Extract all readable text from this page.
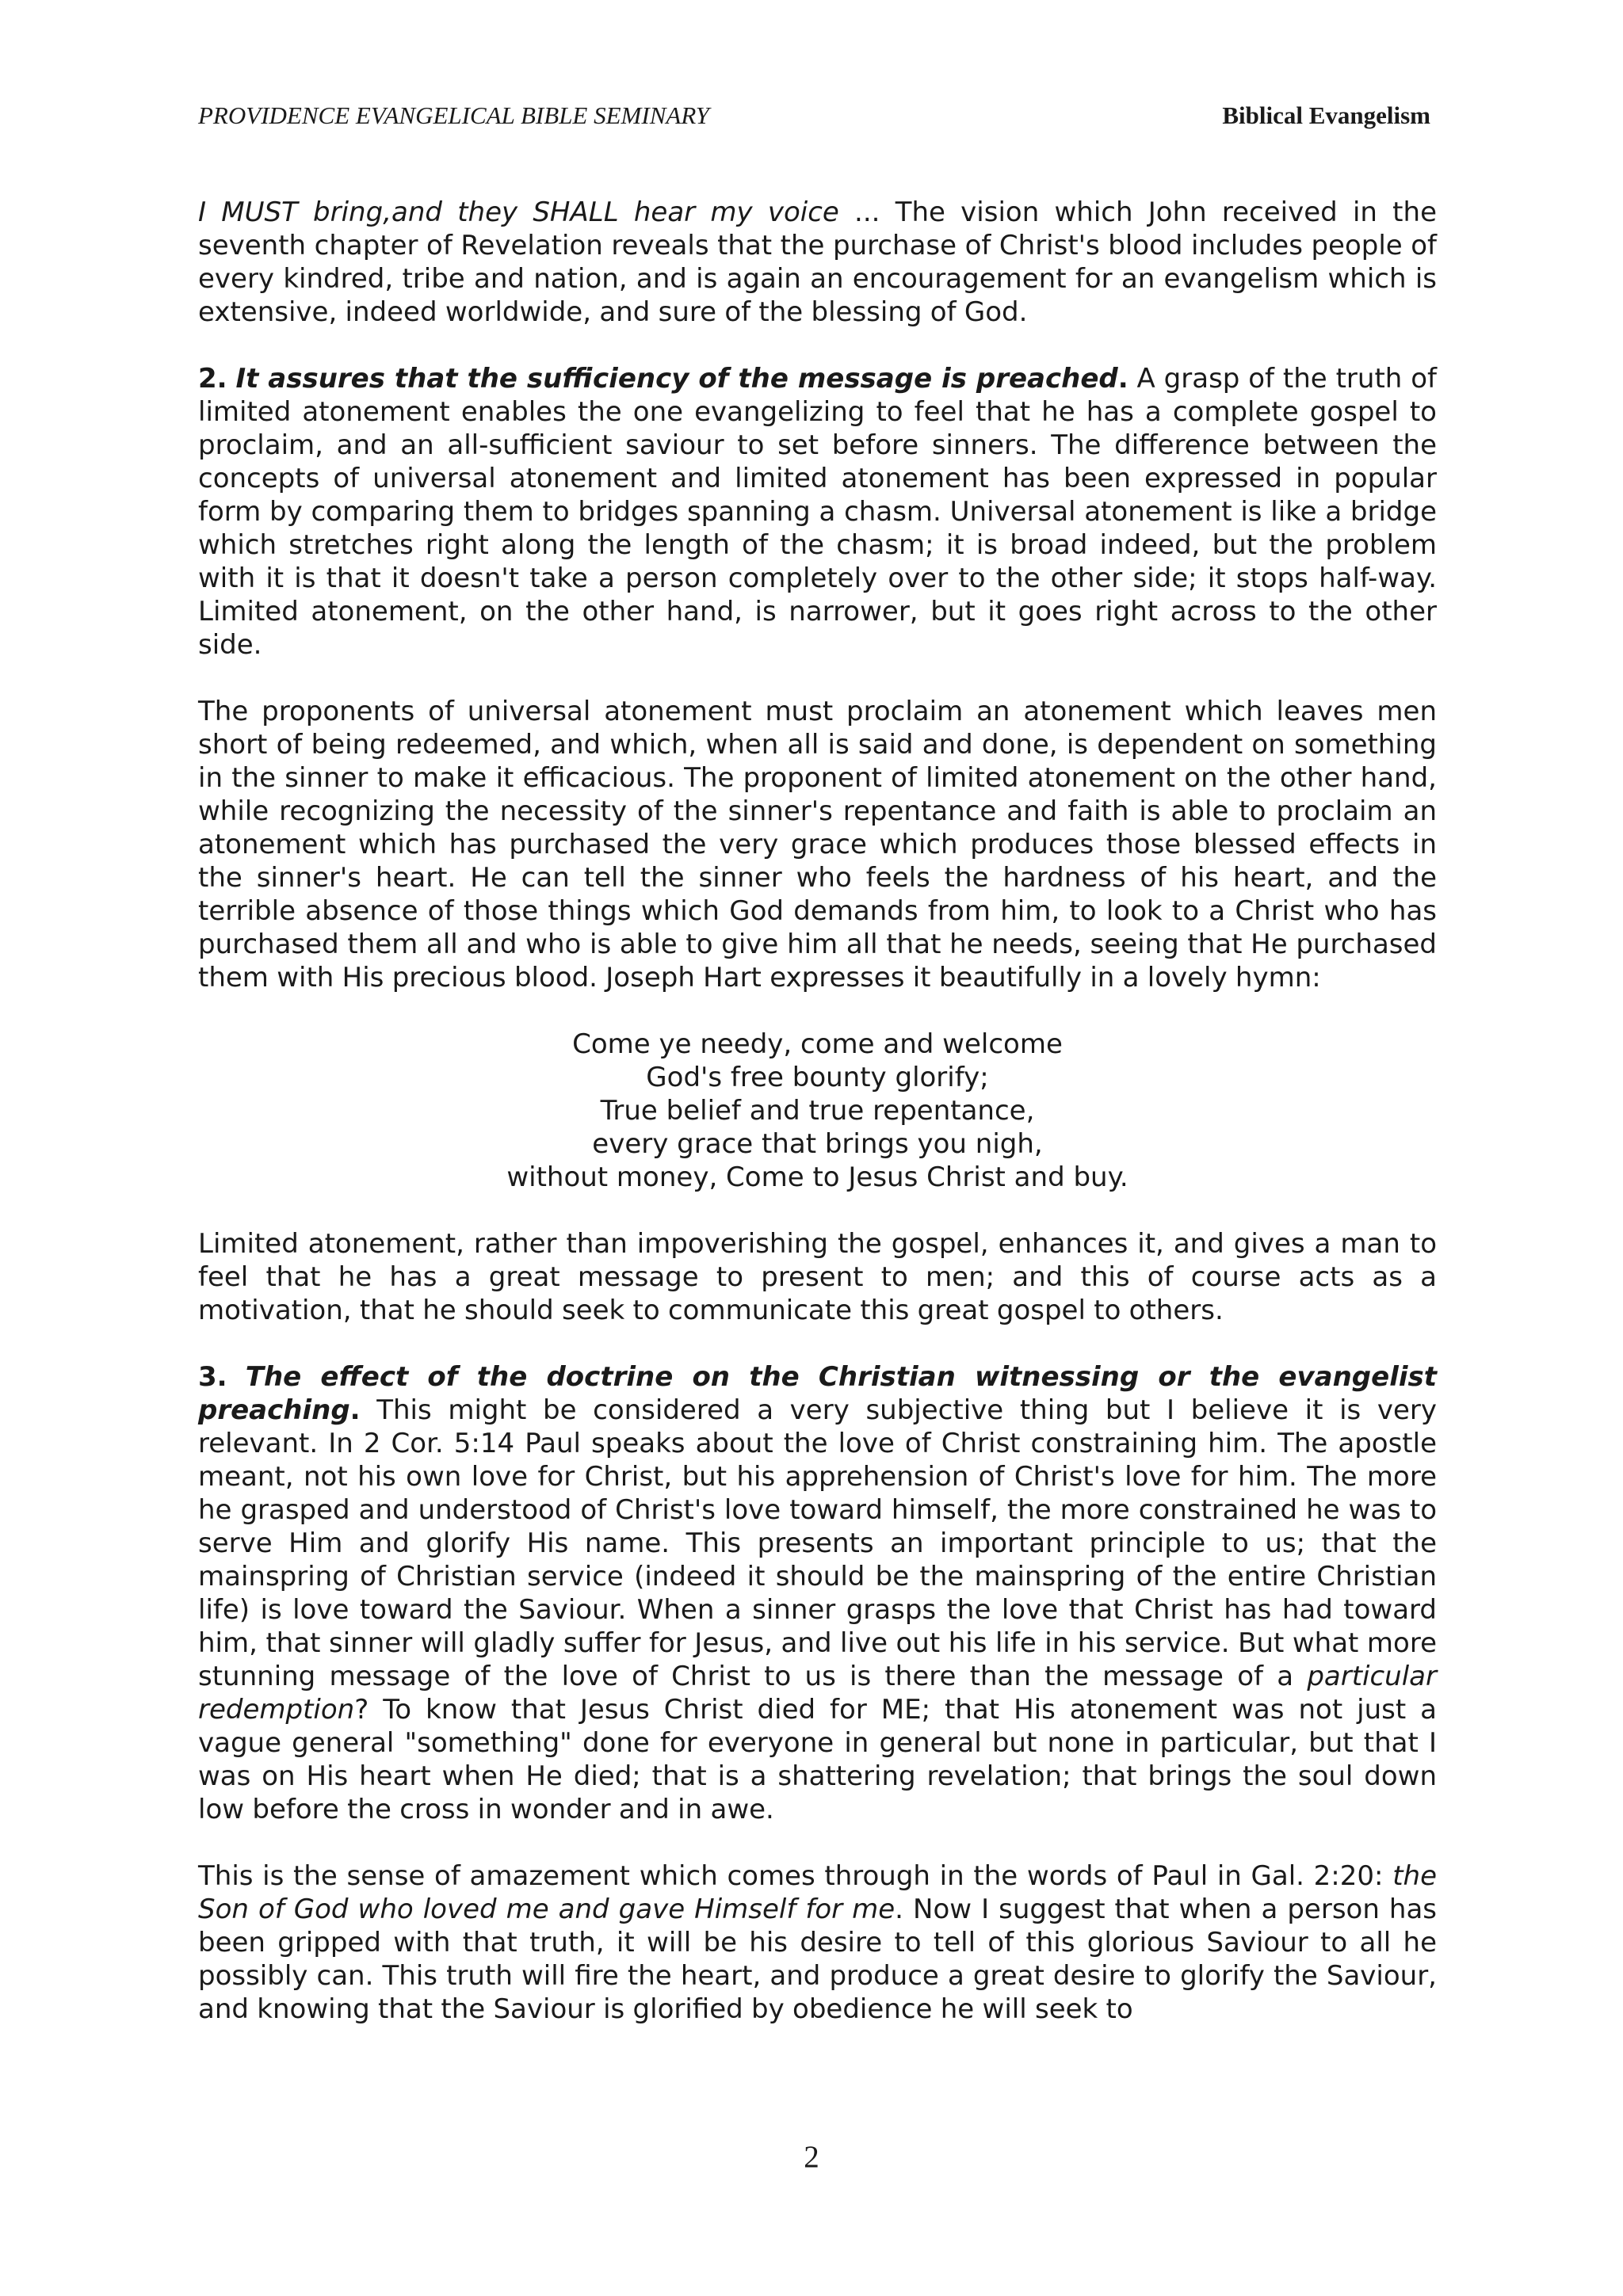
PROVIDENCE EVANGELICAL BIBLE SEMINARY	Biblical Evangelism

I MUST bring,and they SHALL hear my voice ... The vision which John received in the seventh chapter of Revelation reveals that the purchase of Christ's blood includes people of every kindred, tribe and nation, and is again an encouragement for an evangelism which is extensive, indeed worldwide, and sure of the blessing of God.

2. It assures that the sufficiency of the message is preached. A grasp of the truth of limited atonement enables the one evangelizing to feel that he has a complete gospel to proclaim, and an all-sufficient saviour to set before sinners. The difference between the concepts of universal atonement and limited atonement has been expressed in popular form by comparing them to bridges spanning a chasm. Universal atonement is like a bridge which stretches right along the length of the chasm; it is broad indeed, but the problem with it is that it doesn't take a person completely over to the other side; it stops half-way. Limited atonement, on the other hand, is narrower, but it goes right across to the other side.

The proponents of universal atonement must proclaim an atonement which leaves men short of being redeemed, and which, when all is said and done, is dependent on something in the sinner to make it efficacious. The proponent of limited atonement on the other hand, while recognizing the necessity of the sinner's repentance and faith is able to proclaim an atonement which has purchased the very grace which produces those blessed effects in the sinner's heart. He can tell the sinner who feels the hardness of his heart, and the terrible absence of those things which God demands from him, to look to a Christ who has purchased them all and who is able to give him all that he needs, seeing that He purchased them with His precious blood. Joseph Hart expresses it beautifully in a lovely hymn:

Come ye needy, come and welcome
God's free bounty glorify;
True belief and true repentance,
every grace that brings you nigh,
without money, Come to Jesus Christ and buy.

Limited atonement, rather than impoverishing the gospel, enhances it, and gives a man to feel that he has a great message to present to men; and this of course acts as a motivation, that he should seek to communicate this great gospel to others.

3. The effect of the doctrine on the Christian witnessing or the evangelist preaching. This might be considered a very subjective thing but I believe it is very relevant. In 2 Cor. 5:14 Paul speaks about the love of Christ constraining him. The apostle meant, not his own love for Christ, but his apprehension of Christ's love for him. The more he grasped and understood of Christ's love toward himself, the more constrained he was to serve Him and glorify His name. This presents an important principle to us; that the mainspring of Christian service (indeed it should be the mainspring of the entire Christian life) is love toward the Saviour. When a sinner grasps the love that Christ has had toward him, that sinner will gladly suffer for Jesus, and live out his life in his service. But what more stunning message of the love of Christ to us is there than the message of a particular redemption? To know that Jesus Christ died for ME; that His atonement was not just a vague general "something" done for everyone in general but none in particular, but that I was on His heart when He died; that is a shattering revelation; that brings the soul down low before the cross in wonder and in awe.

This is the sense of amazement which comes through in the words of Paul in Gal. 2:20: the Son of God who loved me and gave Himself for me. Now I suggest that when a person has been gripped with that truth, it will be his desire to tell of this glorious Saviour to all he possibly can. This truth will fire the heart, and produce a great desire to glorify the Saviour, and knowing that the Saviour is glorified by obedience he will seek to

2
